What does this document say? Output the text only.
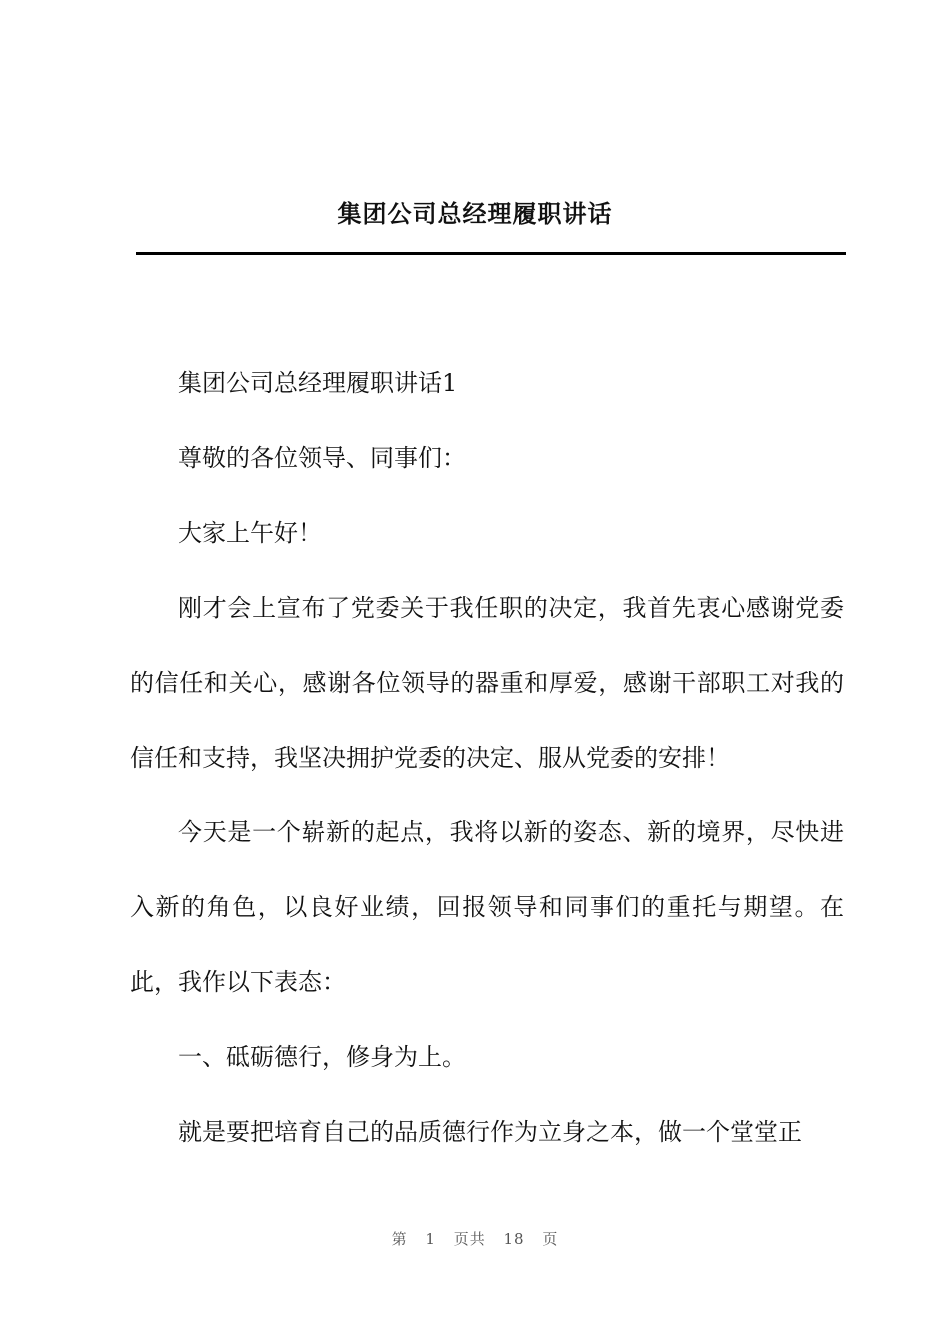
集团公司总经理履职讲话

集团公司总经理履职讲话1

尊敬的各位领导、同事们：

大家上午好！

刚才会上宣布了党委关于我任职的决定，我首先衷心感谢党委的信任和关心，感谢各位领导的器重和厚爱，感谢干部职工对我的信任和支持，我坚决拥护党委的决定、服从党委的安排！

今天是一个崭新的起点，我将以新的姿态、新的境界，尽快进入新的角色，以良好业绩，回报领导和同事们的重托与期望。在此，我作以下表态：

一、砥砺德行，修身为上。

就是要把培育自己的品质德行作为立身之本，做一个堂堂正

第 1 页共 18 页
